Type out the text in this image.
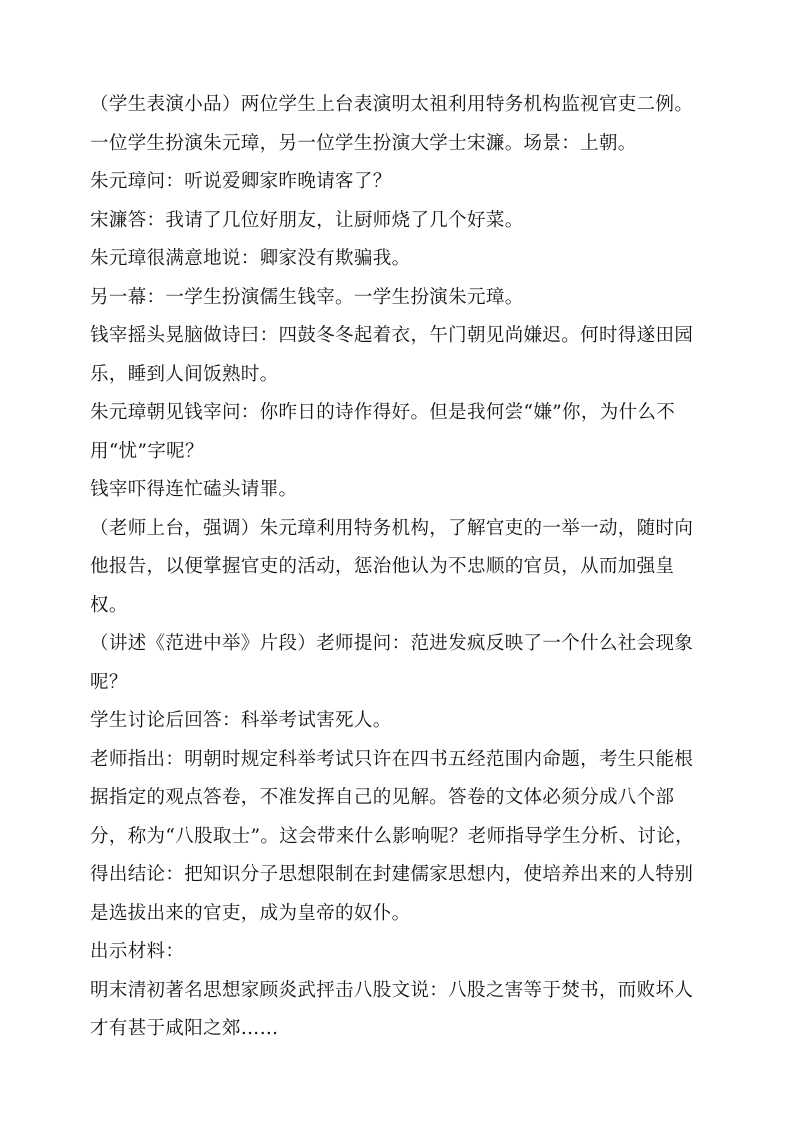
（学生表演小品）两位学生上台表演明太祖利用特务机构监视官吏二例。

一位学生扮演朱元璋，另一位学生扮演大学士宋濂。场景：上朝。

朱元璋问：听说爱卿家昨晚请客了？

宋濂答：我请了几位好朋友，让厨师烧了几个好菜。

朱元璋很满意地说：卿家没有欺骗我。

另一幕：一学生扮演儒生钱宰。一学生扮演朱元璋。

钱宰摇头晃脑做诗曰：四鼓冬冬起着衣，午门朝见尚嫌迟。何时得遂田园乐，睡到人间饭熟时。

朱元璋朝见钱宰问：你昨日的诗作得好。但是我何尝“嫌”你，为什么不用“忧”字呢？

钱宰吓得连忙磕头请罪。

（老师上台，强调）朱元璋利用特务机构，了解官吏的一举一动，随时向他报告，以便掌握官吏的活动，惩治他认为不忠顺的官员，从而加强皇权。

（讲述《范进中举》片段）老师提问：范进发疯反映了一个什么社会现象呢？

学生讨论后回答：科举考试害死人。

老师指出：明朝时规定科举考试只许在四书五经范围内命题，考生只能根据指定的观点答卷，不准发挥自己的见解。答卷的文体必须分成八个部分，称为“八股取士”。这会带来什么影响呢？老师指导学生分析、讨论，得出结论：把知识分子思想限制在封建儒家思想内，使培养出来的人特别是选拔出来的官吏，成为皇帝的奴仆。

出示材料：

明末清初著名思想家顾炎武抨击八股文说：八股之害等于焚书，而败坏人才有甚于咸阳之郊……
